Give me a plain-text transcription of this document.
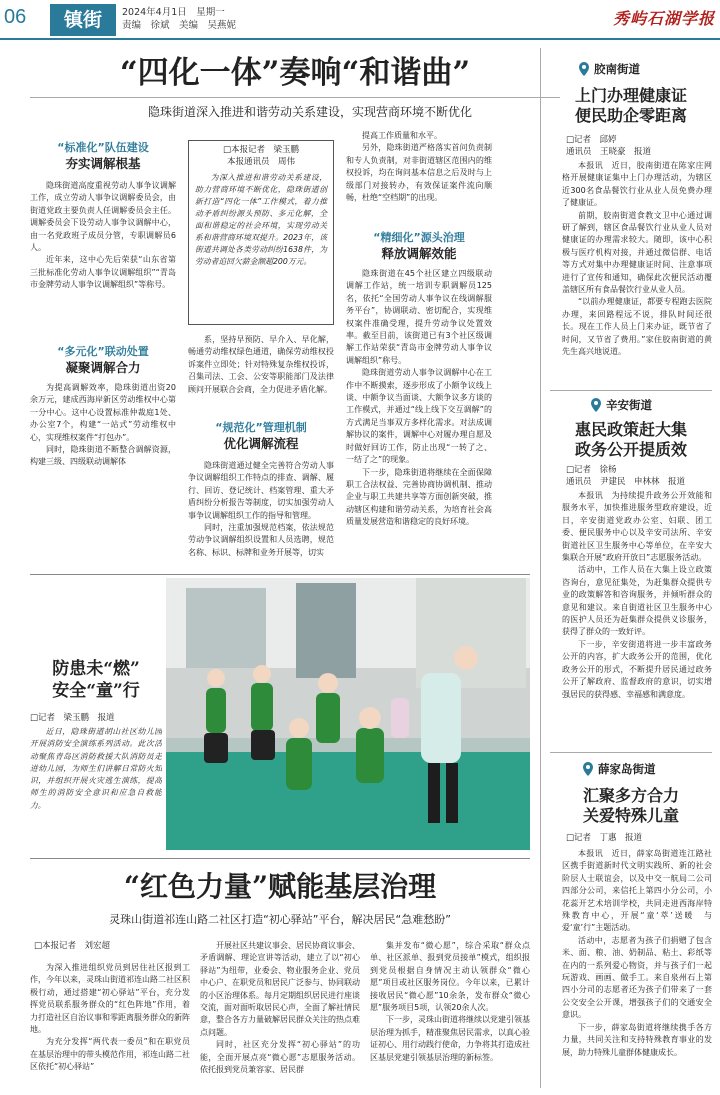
06	镇街	2024年4月1日　星期一
责编　徐斌　美编　吴燕妮	秀屿石湖学报
“四化一体”奏响“和谐曲”
隐珠街道深入推进和谐劳动关系建设，实现营商环境不断优化
“标准化”队伍建设
夯实调解根基

隐珠街道高度重视劳动人事争议调解工作，成立劳动人事争议调解委员会，由街道党政主要负责人任调解委员会主任。调解委员会下设劳动人事争议调解中心，由一名党政班子成员分管，专职调解员6人。

近年来，这中心先后荣获“山东省第三批标准化劳动人事争议调解组织”“青岛市金牌劳动人事争议调解组织”等称号。

“多元化”联动处置
凝聚调解合力

为提高调解效率，隐珠街道出资20余万元，建成西海岸新区劳动维权中心第一分中心。这中心设置标准仲裁庭1处、办公室7个，构建“一站式”劳动维权中心，实现维权案件“打包办”。

同时，隐珠街道不断整合调解资源，构建三级、四级联动调解体

□本报记者　梁玉鹏
本报通讯员　周伟
为深入推进和谐劳动关系建设，助力营商环境不断优化，隐珠街道创新打造“四化一体”工作模式，着力推动矛盾纠纷源头预防、多元化解，全面和谐稳定的社会环境，实现劳动关系和谐营商环境双提升。2023年，该街道共调处各类劳动纠纷1638件，为劳动者追回欠薪金额超200万元。

系，坚持早预防、早介入、早化解，畅通劳动维权绿色通道，确保劳动维权投诉案件立即处；针对特殊复杂维权投诉，召集司法、工会、公安等职能部门及法律顾问开展联合会商，全力促进矛盾化解。

“规范化”管理机制
优化调解流程

隐珠街道通过健全完善符合劳动人事争议调解组织工作特点的排查、调解、履行、回访、登记统计、档案管理、重大矛盾纠纷分析报告等制度，切实加强劳动人事争议调解组织工作的指导和管理。

同时，注重加强规范档案，依法规范劳动争议调解组织设置和人员选聘，规范名称、标识、标牌和业务开展等，切实

提高工作质量和水平。

另外，隐珠街道严格落实首问负责制和专人负责制，对非街道辖区范围内的维权投诉，均在询问基本信息之后及时与上级部门对接转办，有效保证案件流向顺畅，杜绝“空档期”的出现。

“精细化”源头治理
释放调解效能

隐珠街道在45个社区建立四级联动调解工作站，统一培训专职调解员125名，依托“全国劳动人事争议在线调解服务平台”，协调联动、密切配合，实现维权案件准确受理，提升劳动争议处置效率。截至目前，该街道已有3个社区级调解工作站荣获“青岛市金牌劳动人事争议调解组织”称号。

隐珠街道劳动人事争议调解中心在工作中不断摸索，逐步形成了小额争议线上谈、中额争议当面谈、大额争议多方谈的工作模式，并通过“线上线下交互调解”的方式满足当事双方多样化需求。对法成调解协议的案件，调解中心对履办理自愿及时做好回访工作，防止出现“一转了之、一结了之”的现象。

下一步，隐珠街道将继续在全面保障职工合法权益、完善协商协调机制、推动企业与职工共建共享等方面创新突破，推动辖区构建和谐劳动关系，为培育社会高质量发展营造和谐稳定的良好环境。

防患未“燃”
安全“童”行
□记者　梁玉鹏　报道
近日，隐珠街道胡山社区幼儿园开展消防安全演练系列活动。此次活动聚焦青岛区消防救援大队消防员走进幼儿园，为师生们讲解日常防火知识，并组织开展火灾逃生演练，提高师生的消防安全意识和应急自救能力。
“红色力量”赋能基层治理
灵珠山街道祁连山路二社区打造“初心驿站”平台，解决居民“急难愁盼”
□本报记者　刘宏超

为深入推进组织党员到居住社区报到工作，今年以来，灵珠山街道祁连山路二社区积极行动，通过搭建“初心驿站”平台，充分发挥党员联系服务群众的“红色阵地”作用，着力打造社区自治议事和零距离服务群众的新阵地。

为充分发挥“两代表一委员”和在职党员在基层治理中的带头模范作用，祁连山路二社区依托“初心驿站”

开展社区共建议事会、居民协商议事会、矛盾调解、理论宣讲等活动，建立了以“初心驿站”为纽带，业委会、物业服务企业、党员中心户、在职党员和居民广泛参与、协同联动的小区治理体系。每月定期组织居民进行座谈交流，面对面听取居民心声，全面了解社情民意，整合各方力量破解居民群众关注的热点难点问题。

同时，社区充分发挥“初心驿站”的功能，全面开展点亮“微心愿”志愿服务活动。依托报到党员兼容家、居民群

集并发布“微心愿”，综合采取“群众点单、社区派单、报到党员接单”模式，组织报到党员根据自身情况主动认领群众“微心愿”项目或社区服务岗位。今年以来，已累计接收居民“微心愿”10余条，发布群众“微心愿”服务项目5项，认领20余人次。

下一步，灵珠山街道将继续以党建引领基层治理为抓手，精准聚焦居民需求，以真心验证初心、用行动践行使命，力争将其打造成社区基层党建引领基层治理的新标签。

胶南街道
上门办理健康证
便民助企零距离
□记者　邱婷
通讯员　王晓豪　报道

本报讯　近日，胶南街道在陈家庄网格开展健康证集中上门办理活动，为辖区近300名食品餐饮行业从业人员免费办理了健康证。

前期，胶南街道食教文卫中心通过调研了解到，辖区食品餐饮行业从业人员对健康证的办理需求较大。随即，该中心积极与医疗机构对接，并通过微信群、电话等方式对集中办理健康证时间、注意事项进行了宣传和通知，确保此次便民活动覆盖辖区所有食品餐饮行业从业人员。

“以前办理健康证，都要专程跑去医院办理，来回路程远不说，排队时间还很长。现在工作人员上门来办证，既节省了时间，又节省了费用。”家住胶南街道的黄先生高兴地说道。

辛安街道
惠民政策赶大集
政务公开提质效
□记者　徐杨
通讯员　尹建民　申林林　报道

本报讯　为持续提升政务公开效能和服务水平，加快推进服务型政府建设，近日，辛安街道党政办公室、妇联、团工委、便民服务中心以及辛安司法所、辛安街道社区卫生服务中心等单位，在辛安大集联合开展“政府开放日”志愿服务活动。

活动中，工作人员在大集上设立政策咨询台，意见征集处，为赶集群众提供专业的政策解答和咨询服务，并倾听群众的意见和建议。来自街道社区卫生服务中心的医护人员还为赶集群众提供义诊服务，获得了群众的一致好评。

下一步，辛安街道将进一步丰富政务公开的内容，扩大政务公开的范围，优化政务公开的形式，不断提升居民通过政务公开了解政府、监督政府的意识，切实增强居民的获得感、幸福感和满意度。

薛家岛街道
汇聚多方合力
关爱特殊儿童
□记者　丁惠　报道

本报讯　近日，薛家岛街道连江路社区携手街道新时代文明实践所、新的社会阶层人士联谊会，以及中交一航局二公司四部分公司，来信托上第四小分公司，小花蕊开艺术培训学校，共同走进西海岸特殊教育中心，开展“童‘萃’送暖　与爱‘童’行”主题活动。

活动中，志愿者为孩子们捐赠了包含米、面、粮、油、奶制品、粘土、彩纸等在内的一系列爱心物资，并与孩子们一起玩游戏、画画、做手工。来自泉州石上第四小分司的志愿者还为孩子们带来了一套公交安全公开课，增强孩子们的交通安全意识。

下一步，薛家岛街道将继续携手各方力量，共同关注和支持特殊教育事业的发展，助力特殊儿童群体健康成长。
